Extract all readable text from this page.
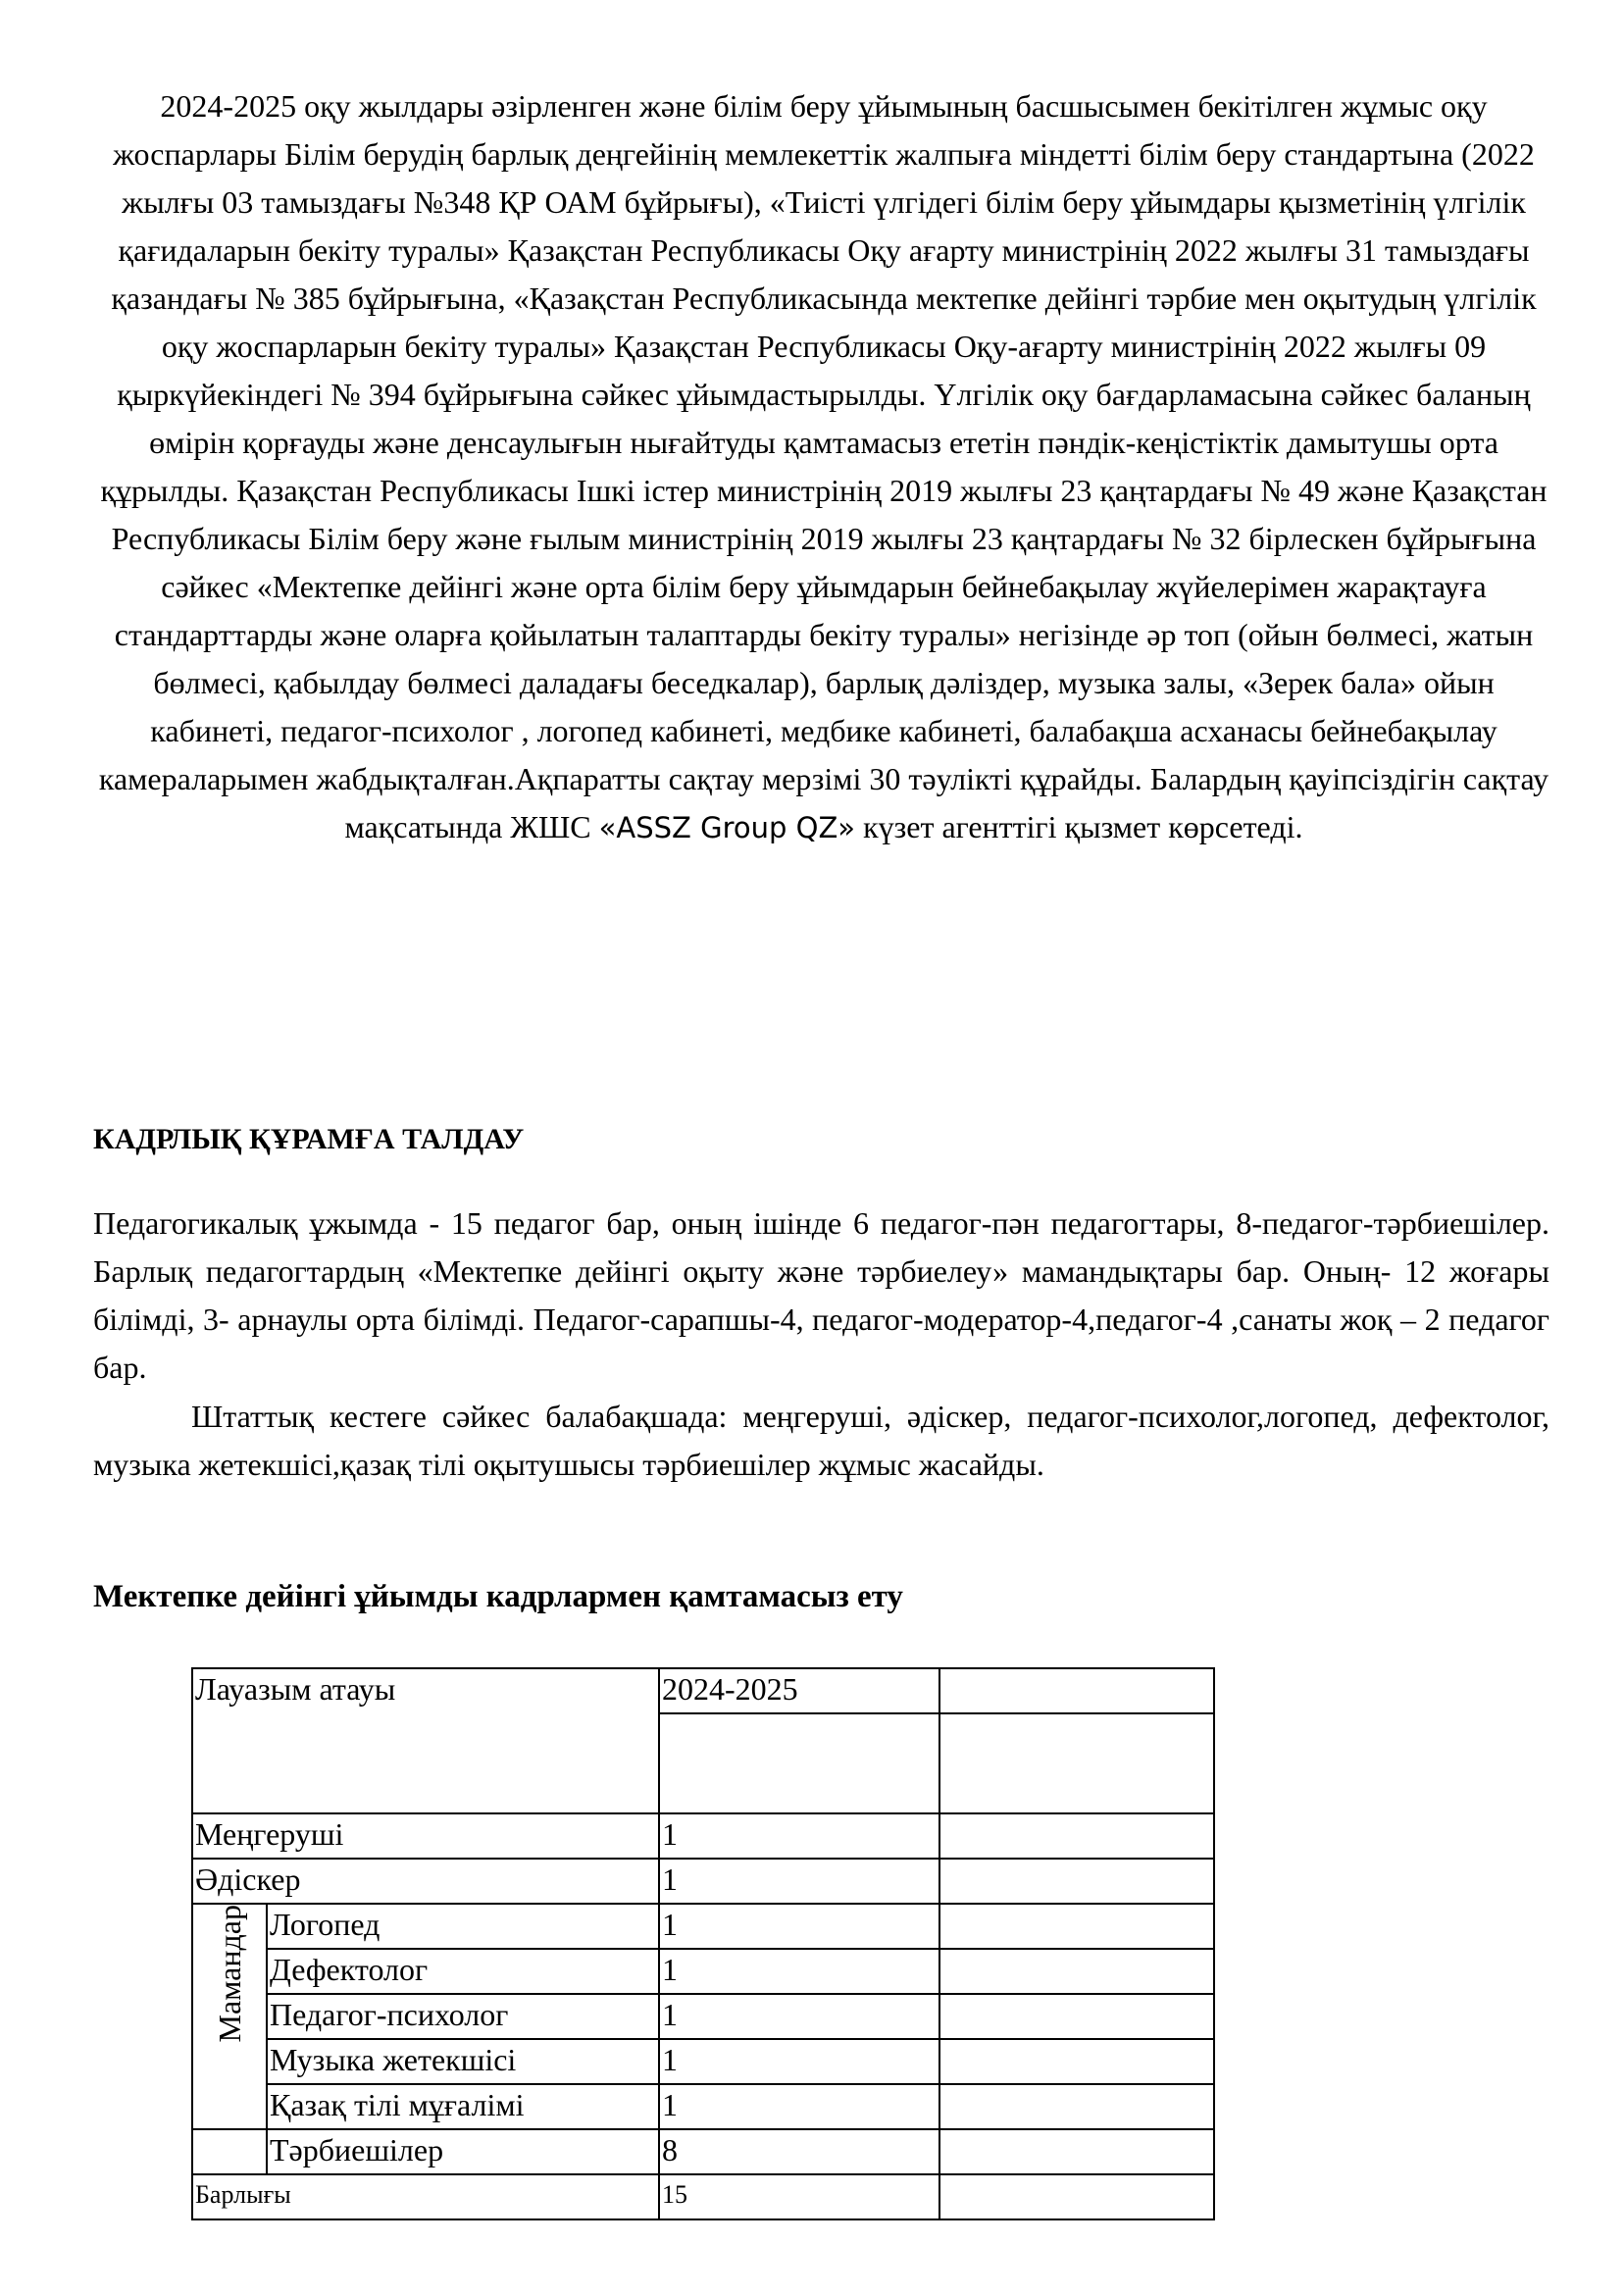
2024-2025 оқу жылдары әзірленген және білім беру ұйымының басшысымен бекітілген жұмыс оқу жоспарлары Білім берудің барлық деңгейінің мемлекеттік жалпыға міндетті білім беру стандартына (2022 жылғы 03 тамыздағы №348 ҚР ОАМ бұйрығы), «Тиісті үлгідегі білім беру ұйымдары қызметінің үлгілік қағидаларын бекіту туралы» Қазақстан Республикасы Оқу ағарту министрінің 2022 жылғы 31 тамыздағы қазандағы № 385 бұйрығына, «Қазақстан Республикасында мектепке дейінгі тәрбие мен оқытудың үлгілік оқу жоспарларын бекіту туралы» Қазақстан Республикасы Оқу-ағарту министрінің 2022 жылғы 09 қыркүйекіндегі № 394 бұйрығына сәйкес ұйымдастырылды. Үлгілік оқу бағдарламасына сәйкес баланың өмірін қорғауды және денсаулығын нығайтуды қамтамасыз ететін пәндік-кеңістіктік дамытушы орта құрылды. Қазақстан Республикасы Ішкі істер министрінің 2019 жылғы 23 қаңтардағы № 49 және Қазақстан Республикасы Білім беру және ғылым министрінің 2019 жылғы 23 қаңтардағы № 32 бірлескен бұйрығына сәйкес «Мектепке дейінгі және орта білім беру ұйымдарын бейнебақылау жүйелерімен жарақтауға стандарттарды және оларға қойылатын талаптарды бекіту туралы» негізінде әр топ (ойын бөлмесі, жатын бөлмесі, қабылдау бөлмесі даладағы беседкалар), барлық дәліздер, музыка залы, «Зерек бала» ойын кабинеті, педагог-психолог , логопед кабинеті, медбике кабинеті, балабақша асханасы бейнебақылау камераларымен жабдықталған.Ақпаратты сақтау мерзімі 30 тәулікті құрайды. Балардың қауіпсіздігін сақтау мақсатында ЖШС «ASSZ Group QZ» күзет агенттігі қызмет көрсетеді.

КАДРЛЫҚ ҚҰРАМҒА ТАЛДАУ

Педагогикалық ұжымда - 15 педагог бар, оның ішінде 6 педагог-пән педагогтары, 8-педагог-тәрбиешілер. Барлық педагогтардың «Мектепке дейінгі оқыту және тәрбиелеу» мамандықтары бар. Оның- 12 жоғары білімді, 3- арнаулы орта білімді. Педагог-сарапшы-4, педагог-модератор-4,педагог-4 ,санаты жоқ – 2 педагог бар.

Штаттық кестеге сәйкес балабақшада: меңгеруші, әдіскер, педагог-психолог,логопед, дефектолог, музыка жетекшісі,қазақ тілі оқытушысы тәрбиешілер жұмыс жасайды.

Мектепке дейінгі ұйымды кадрлармен қамтамасыз ету
Лауазым атауы		2024-2025	

Меңгеруші		1	
Әдіскер		1	
Мамандар	Логопед	1	
	Дефектолог	1	
	Педагог-психолог	1	
	Музыка жетекшісі	1	
	Қазақ тілі мұғалімі	1	
	Тәрбиешілер	8	
Барлығы		15	
